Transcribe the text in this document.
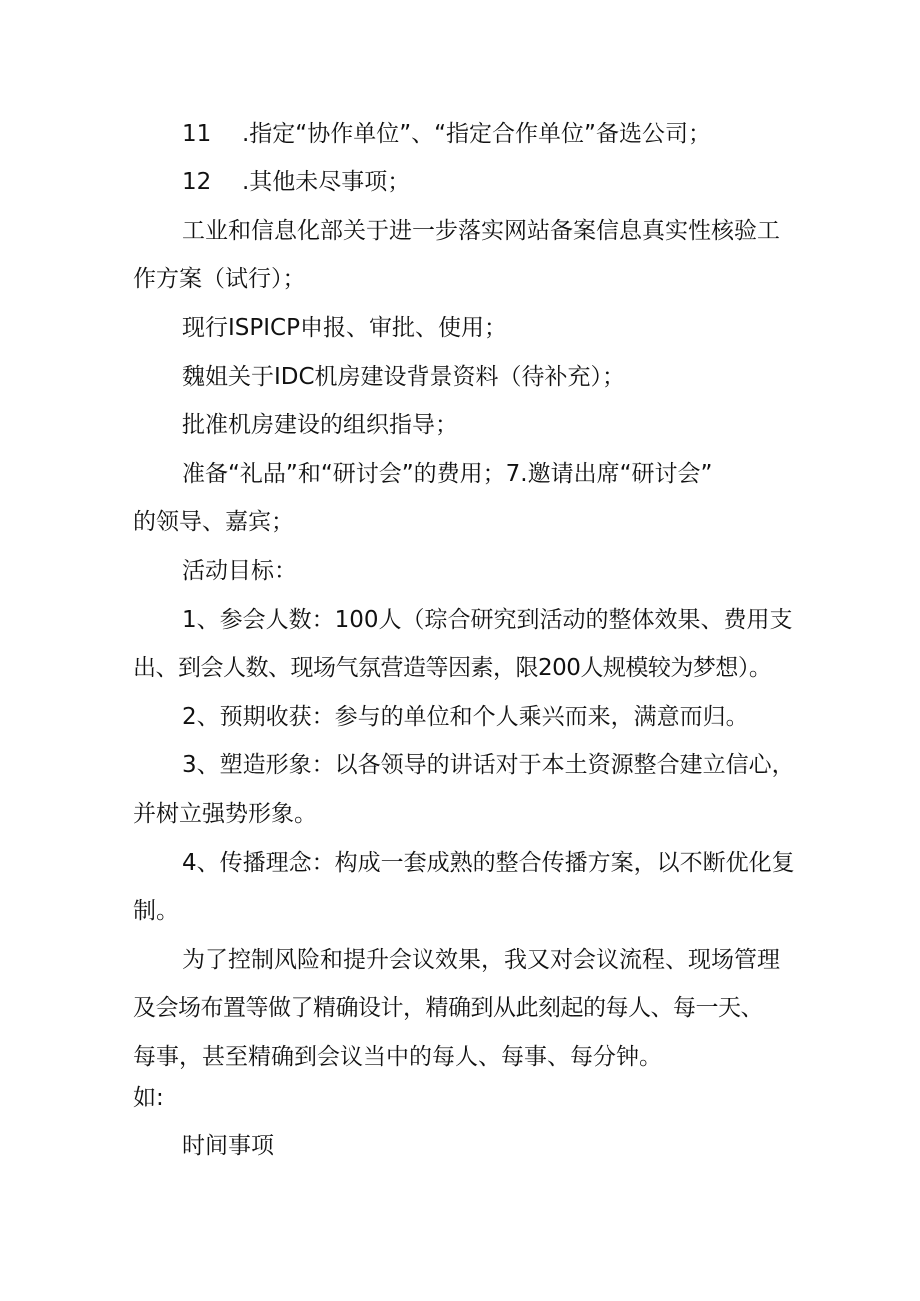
11 .指定“协作单位”、“指定合作单位”备选公司；
12 .其他未尽事项；
工业和信息化部关于进一步落实网站备案信息真实性核验工
作方案（试行）；
现行ISPICP申报、审批、使用；
魏姐关于IDC机房建设背景资料（待补充）；
批准机房建设的组织指导；
准备“礼品”和“研讨会”的费用；7.邀请出席“研讨会”
的领导、嘉宾；
活动目标：
1、参会人数：100人（琮合研究到活动的整体效果、费用支
出、到会人数、现场气氛营造等因素，限200人规模较为梦想）。
2、预期收获：参与的单位和个人乘兴而来，满意而归。
3、塑造形象：以各领导的讲话对于本土资源整合建立信心，
并树立强势形象。
4、传播理念：构成一套成熟的整合传播方案，以不断优化复
制。
为了控制风险和提升会议效果，我又对会议流程、现场管理
及会场布置等做了精确设计，精确到从此刻起的每人、每一天、
每事，甚至精确到会议当中的每人、每事、每分钟。
如:
时间事项
